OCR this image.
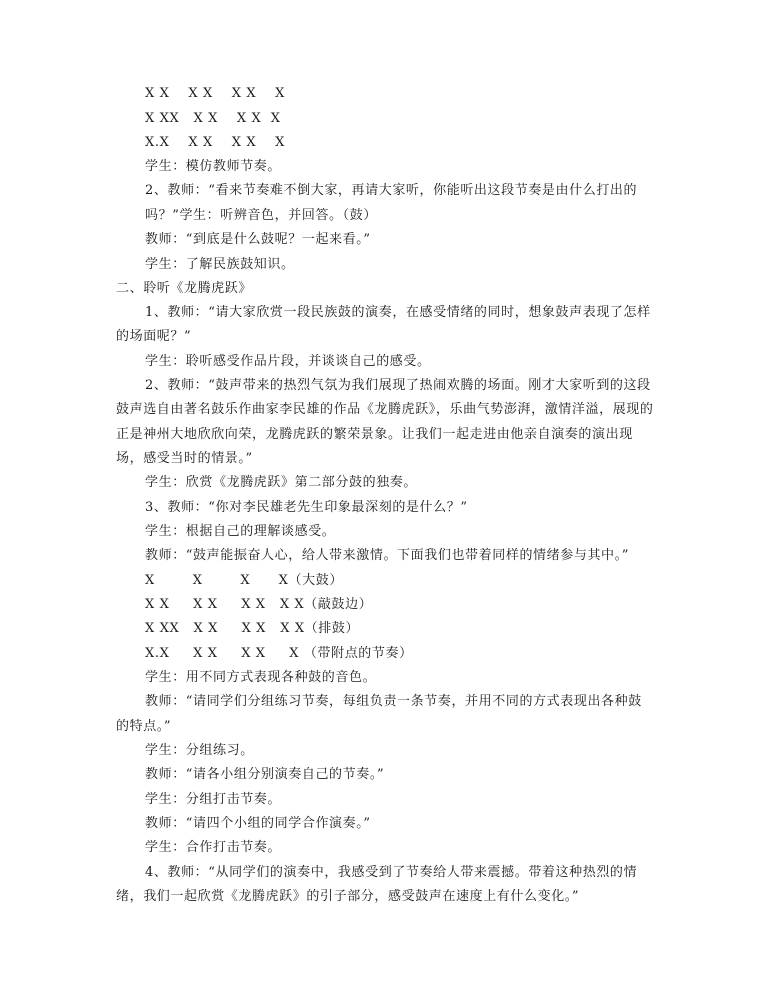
X X    X X    X X    X
X XX   X X    X X  X
X.X    X X    X X    X
学生：模仿教师节奏。
2、教师：“看来节奏难不倒大家，再请大家听，你能听出这段节奏是由什么打出的
吗？”学生：听辨音色，并回答。（鼓）
教师：“到底是什么鼓呢？一起来看。”
学生：了解民族鼓知识。
二、聆听《龙腾虎跃》
1、教师：“请大家欣赏一段民族鼓的演奏，在感受情绪的同时，想象鼓声表现了怎样
的场面呢？”
学生：聆听感受作品片段，并谈谈自己的感受。
2、教师：“鼓声带来的热烈气氛为我们展现了热闹欢腾的场面。刚才大家听到的这段
鼓声选自由著名鼓乐作曲家李民雄的作品《龙腾虎跃》，乐曲气势澎湃，激情洋溢，展现的
正是神州大地欣欣向荣，龙腾虎跃的繁荣景象。让我们一起走进由他亲自演奏的演出现
场，感受当时的情景。”
学生：欣赏《龙腾虎跃》第二部分鼓的独奏。
3、教师：“你对李民雄老先生印象最深刻的是什么？”
学生：根据自己的理解谈感受。
教师：“鼓声能振奋人心，给人带来激情。下面我们也带着同样的情绪参与其中。”
X        X        X      X（大鼓）
X X     X X     X X   X X（敲鼓边）
X XX   X X     X X   X X（排鼓）
X.X     X X     X X     X （带附点的节奏）
学生：用不同方式表现各种鼓的音色。
教师：“请同学们分组练习节奏，每组负责一条节奏，并用不同的方式表现出各种鼓
的特点。”
学生：分组练习。
教师：“请各小组分别演奏自己的节奏。”
学生：分组打击节奏。
教师：“请四个小组的同学合作演奏。”
学生：合作打击节奏。
4、教师：“从同学们的演奏中，我感受到了节奏给人带来震撼。带着这种热烈的情
绪，我们一起欣赏《龙腾虎跃》的引子部分，感受鼓声在速度上有什么变化。”
